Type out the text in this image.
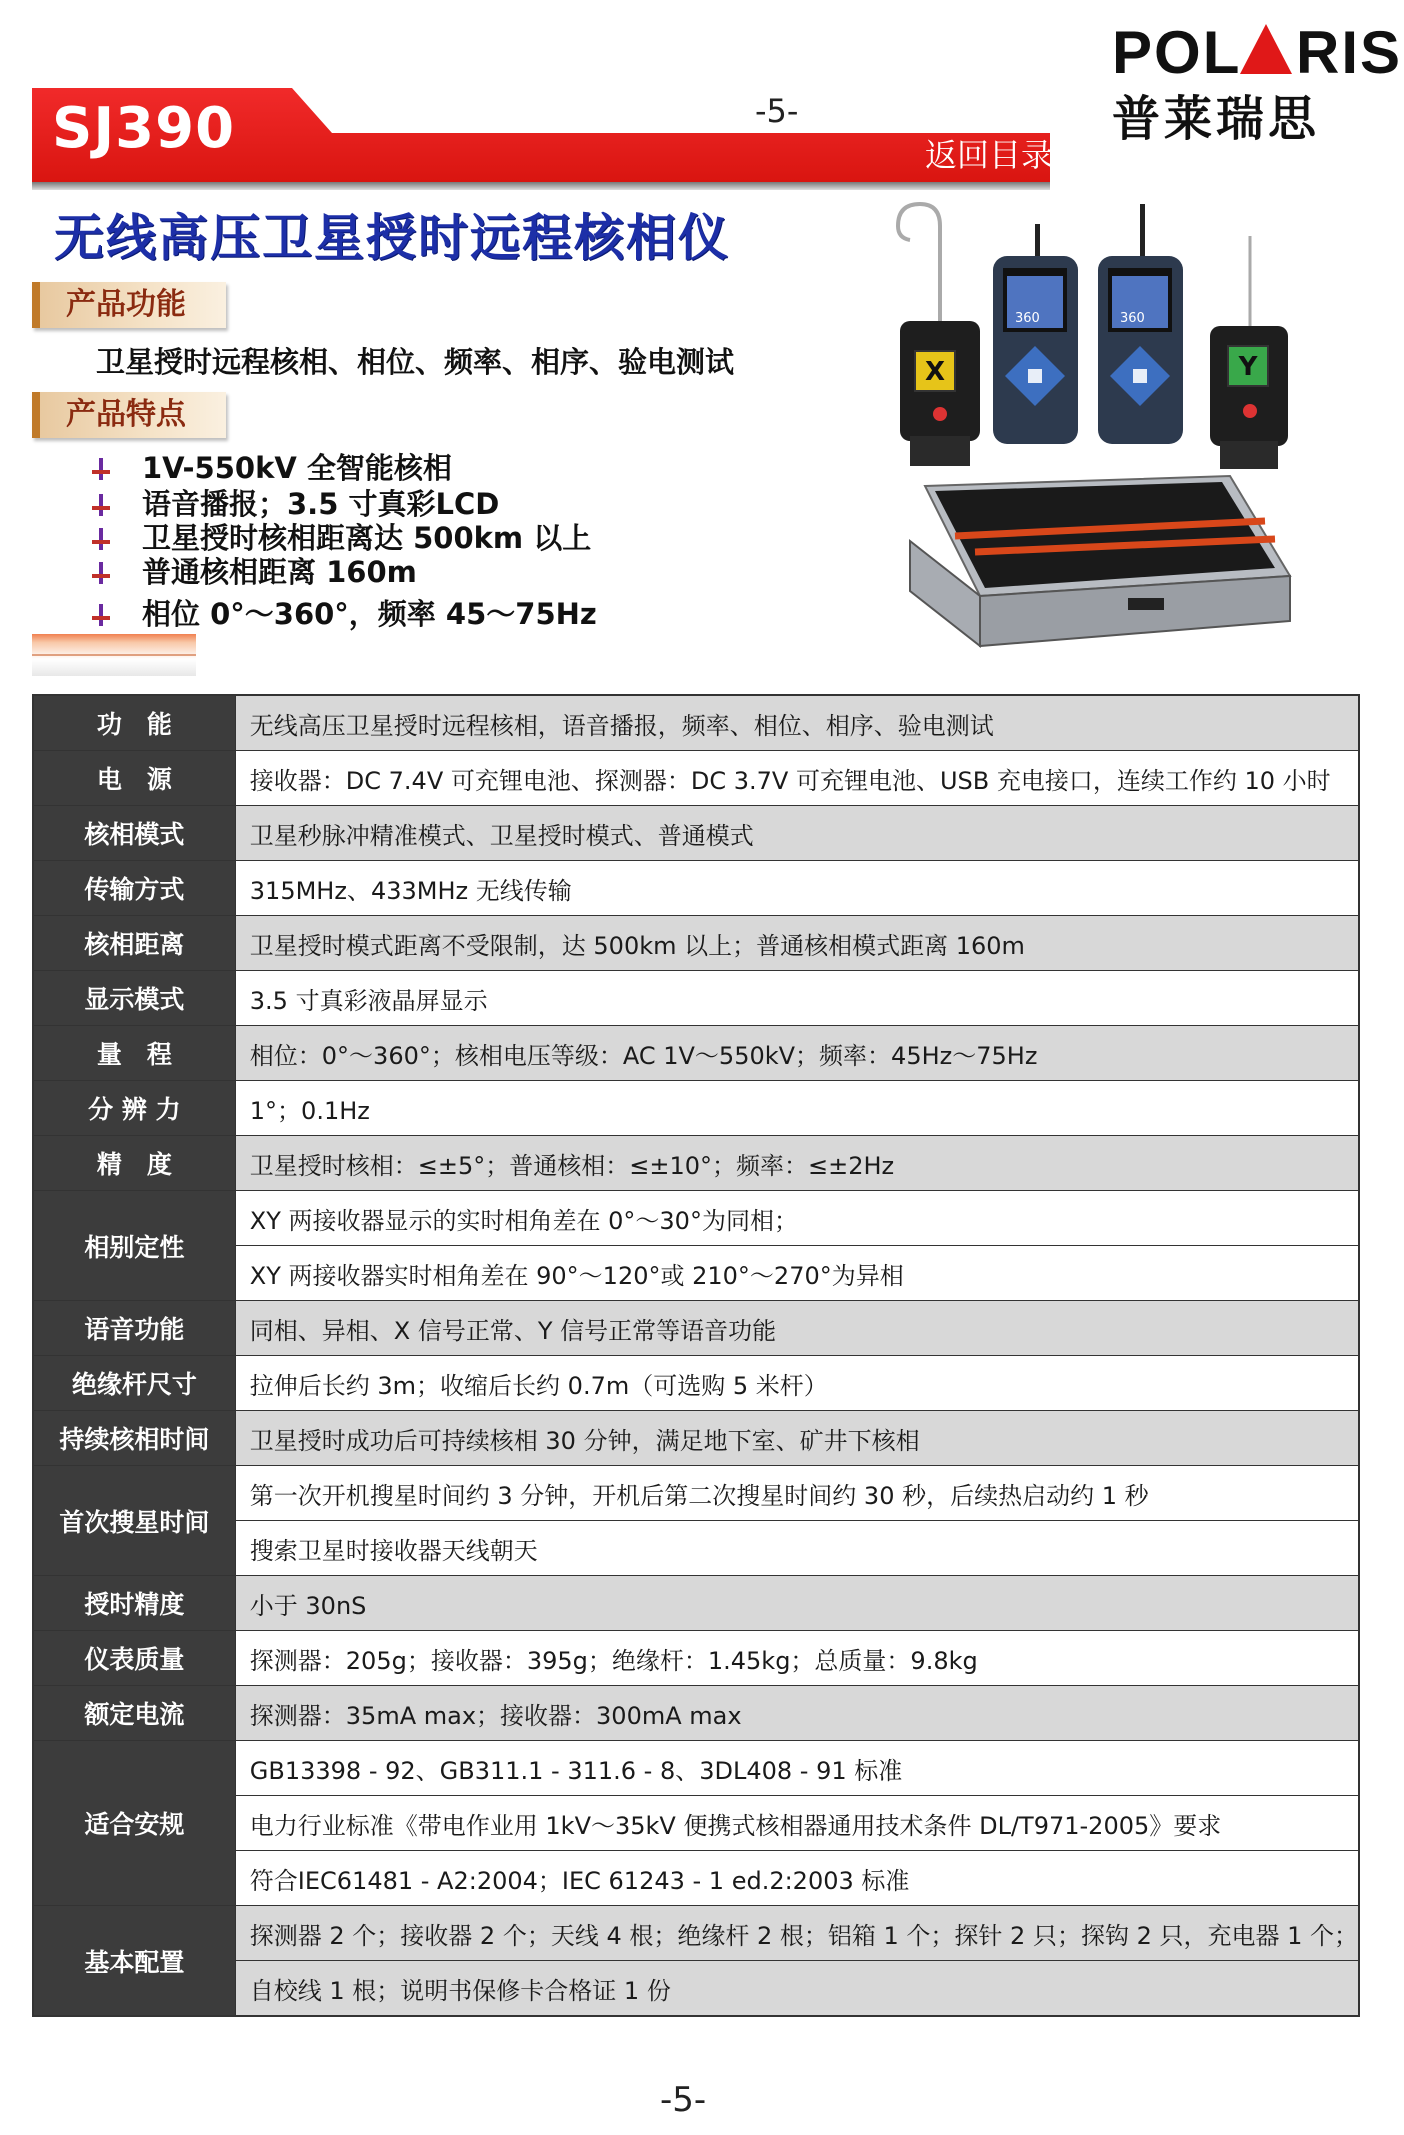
SJ390	-5-
返回目录
POL RIS
普莱瑞思
无线高压卫星授时远程核相仪
产品功能
卫星授时远程核相、相位、频率、相序、验电测试
产品特点
1V-550kV 全智能核相
语音播报；3.5 寸真彩LCD
卫星授时核相距离达 500km 以上
普通核相距离 160m
相位 0°～360°，频率 45～75Hz
X
360	360
Y
功　能	无线高压卫星授时远程核相，语音播报，频率、相位、相序、验电测试
电　源	接收器：DC 7.4V 可充锂电池、探测器：DC 3.7V 可充锂电池、USB 充电接口，连续工作约 10 小时
核相模式	卫星秒脉冲精准模式、卫星授时模式、普通模式
传输方式	315MHz、433MHz 无线传输
核相距离	卫星授时模式距离不受限制，达 500km 以上；普通核相模式距离 160m
显示模式	3.5 寸真彩液晶屏显示
量　程	相位：0°～360°；核相电压等级：AC 1V～550kV；频率：45Hz～75Hz
分 辨 力	1°；0.1Hz
精　度	卫星授时核相：≤±5°；普通核相：≤±10°；频率：≤±2Hz
相别定性	XY 两接收器显示的实时相角差在 0°～30°为同相；
	XY 两接收器实时相角差在 90°～120°或 210°～270°为异相
语音功能	同相、异相、X 信号正常、Y 信号正常等语音功能
绝缘杆尺寸	拉伸后长约 3m；收缩后长约 0.7m（可选购 5 米杆）
持续核相时间	卫星授时成功后可持续核相 30 分钟，满足地下室、矿井下核相
首次搜星时间	第一次开机搜星时间约 3 分钟，开机后第二次搜星时间约 30 秒，后续热启动约 1 秒
	搜索卫星时接收器天线朝天
授时精度	小于 30nS
仪表质量	探测器：205g；接收器：395g；绝缘杆：1.45kg；总质量：9.8kg
额定电流	探测器：35mA max；接收器：300mA max
适合安规	GB13398 - 92、GB311.1 - 311.6 - 8、3DL408 - 91 标准
	电力行业标准《带电作业用 1kV～35kV 便携式核相器通用技术条件 DL/T971-2005》要求
	符合IEC61481 - A2:2004；IEC 61243 - 1 ed.2:2003 标准
基本配置	探测器 2 个；接收器 2 个；天线 4 根；绝缘杆 2 根；铝箱 1 个；探针 2 只；探钩 2 只，充电器 1 个；
	自校线 1 根；说明书保修卡合格证 1 份
-5-
